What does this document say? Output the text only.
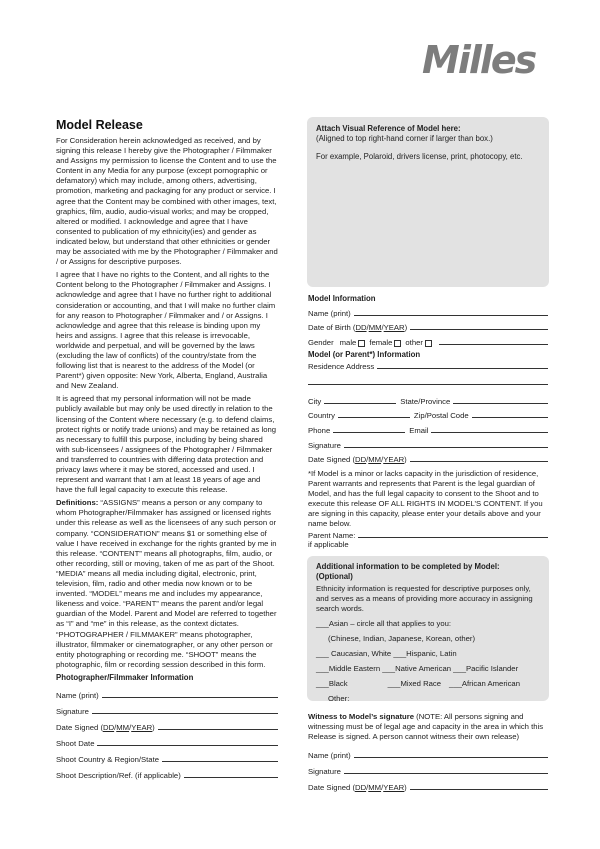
Milles
Model Release

For Consideration herein acknowledged as received, and by signing this release I hereby give the Photographer / Filmmaker and Assigns my permission to license the Content and to use the Content in any Media for any purpose (except pornographic or defamatory) which may include, among others, advertising, promotion, marketing and packaging for any product or service. I agree that the Content may be combined with other images, text, graphics, film, audio, audio-visual works; and may be cropped, altered or modified. I acknowledge and agree that I have consented to publication of my ethnicity(ies) and gender as indicated below, but understand that other ethnicities or gender may be associated with me by the Photographer / Filmmaker and / or Assigns for descriptive purposes.

I agree that I have no rights to the Content, and all rights to the Content belong to the Photographer / Filmmaker and Assigns. I acknowledge and agree that I have no further right to additional consideration or accounting, and that I will make no further claim for any reason to Photographer / Filmmaker and / or Assigns. I acknowledge and agree that this release is binding upon my heirs and assigns. I agree that this release is irrevocable, worldwide and perpetual, and will be governed by the laws (excluding the law of conflicts) of the country/state from the following list that is nearest to the address of the Model (or Parent*) given opposite: New York, Alberta, England, Australia and New Zealand.

It is agreed that my personal information will not be made publicly available but may only be used directly in relation to the licensing of the Content where necessary (e.g. to defend claims, protect rights or notify trade unions) and may be retained as long as necessary to fulfill this purpose, including by being shared with sub-licensees / assignees of the Photographer / Filmmaker and transferred to countries with differing data protection and privacy laws where it may be stored, accessed and used. I represent and warrant that I am at least 18 years of age and have the full legal capacity to execute this release.

Definitions: “ASSIGNS” means a person or any company to whom Photographer/Filmmaker has assigned or licensed rights under this release as well as the licensees of any such person or company. “CONSIDERATION” means $1 or something else of value I have received in exchange for the rights granted by me in this release. “CONTENT” means all photographs, film, audio, or other recording, still or moving, taken of me as part of the Shoot. “MEDIA” means all media including digital, electronic, print, television, film, radio and other media now known or to be invented. “MODEL” means me and includes my appearance, likeness and voice. “PARENT” means the parent and/or legal guardian of the Model. Parent and Model are referred to together as “I” and “me” in this release, as the context dictates. “PHOTOGRAPHER / FILMMAKER” means photographer, illustrator, filmmaker or cinematographer, or any other person or entity photographing or recording me. “SHOOT” means the photographic, film or recording session described in this form.

Photographer/Filmmaker Information
Name (print)
Signature
Date Signed (DD/MM/YEAR)
Shoot Date
Shoot Country & Region/State
Shoot Description/Ref. (if applicable)
Attach Visual Reference of Model here:
(Aligned to top right-hand corner if larger than box.)
For example, Polaroid, drivers license, print, photocopy, etc.
Model Information
Name (print)
Date of Birth (DD/MM/YEAR)
Gender male female other
Model (or Parent*) Information
Residence Address
City	State/Province
Country	Zip/Postal Code
Phone	Email
Signature
Date Signed (DD/MM/YEAR)
*If Model is a minor or lacks capacity in the jurisdiction of residence, Parent warrants and represents that Parent is the legal guardian of Model, and has the full legal capacity to consent to the Shoot and to execute this release OF ALL RIGHTS IN MODEL’S CONTENT. If you are signing in this capacity, please enter your details above and your name below.
Parent Name:
if applicable
Additional information to be completed by Model:
(Optional)
Ethnicity information is requested for descriptive purposes only, and serves as a means of providing more accuracy in assigning search words.
___Asian – circle all that applies to you:
(Chinese, Indian, Japanese, Korean, other)
___ Caucasian, White ___Hispanic, Latin
___Middle Eastern ___Native American ___Pacific Islander
___Black	___Mixed Race ___African American
Other:
Witness to Model’s signature (NOTE: All persons signing and witnessing must be of legal age and capacity in the area in which this Release is signed. A person cannot witness their own release)
Name (print)
Signature
Date Signed (DD/MM/YEAR)
